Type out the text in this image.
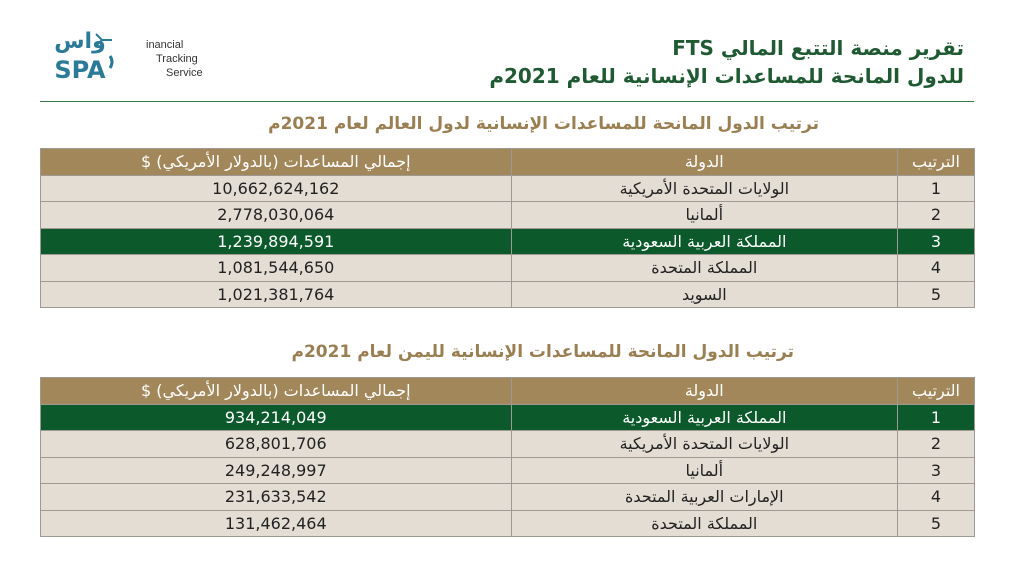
واس
SPA
inancial
Tracking
Service
تقرير منصة التتبع المالي FTS
للدول المانحة للمساعدات الإنسانية للعام 2021م
ترتيب الدول المانحة للمساعدات الإنسانية لدول العالم لعام 2021م
الترتيب	الدولة	إجمالي المساعدات (بالدولار الأمريكي) $
1	الولايات المتحدة الأمريكية	10,662,624,162
2	ألمانيا	2,778,030,064
3	المملكة العربية السعودية	1,239,894,591
4	المملكة المتحدة	1,081,544,650
5	السويد	1,021,381,764
ترتيب الدول المانحة للمساعدات الإنسانية لليمن لعام 2021م
الترتيب	الدولة	إجمالي المساعدات (بالدولار الأمريكي) $
1	المملكة العربية السعودية	934,214,049
2	الولايات المتحدة الأمريكية	628,801,706
3	ألمانيا	249,248,997
4	الإمارات العربية المتحدة	231,633,542
5	المملكة المتحدة	131,462,464
